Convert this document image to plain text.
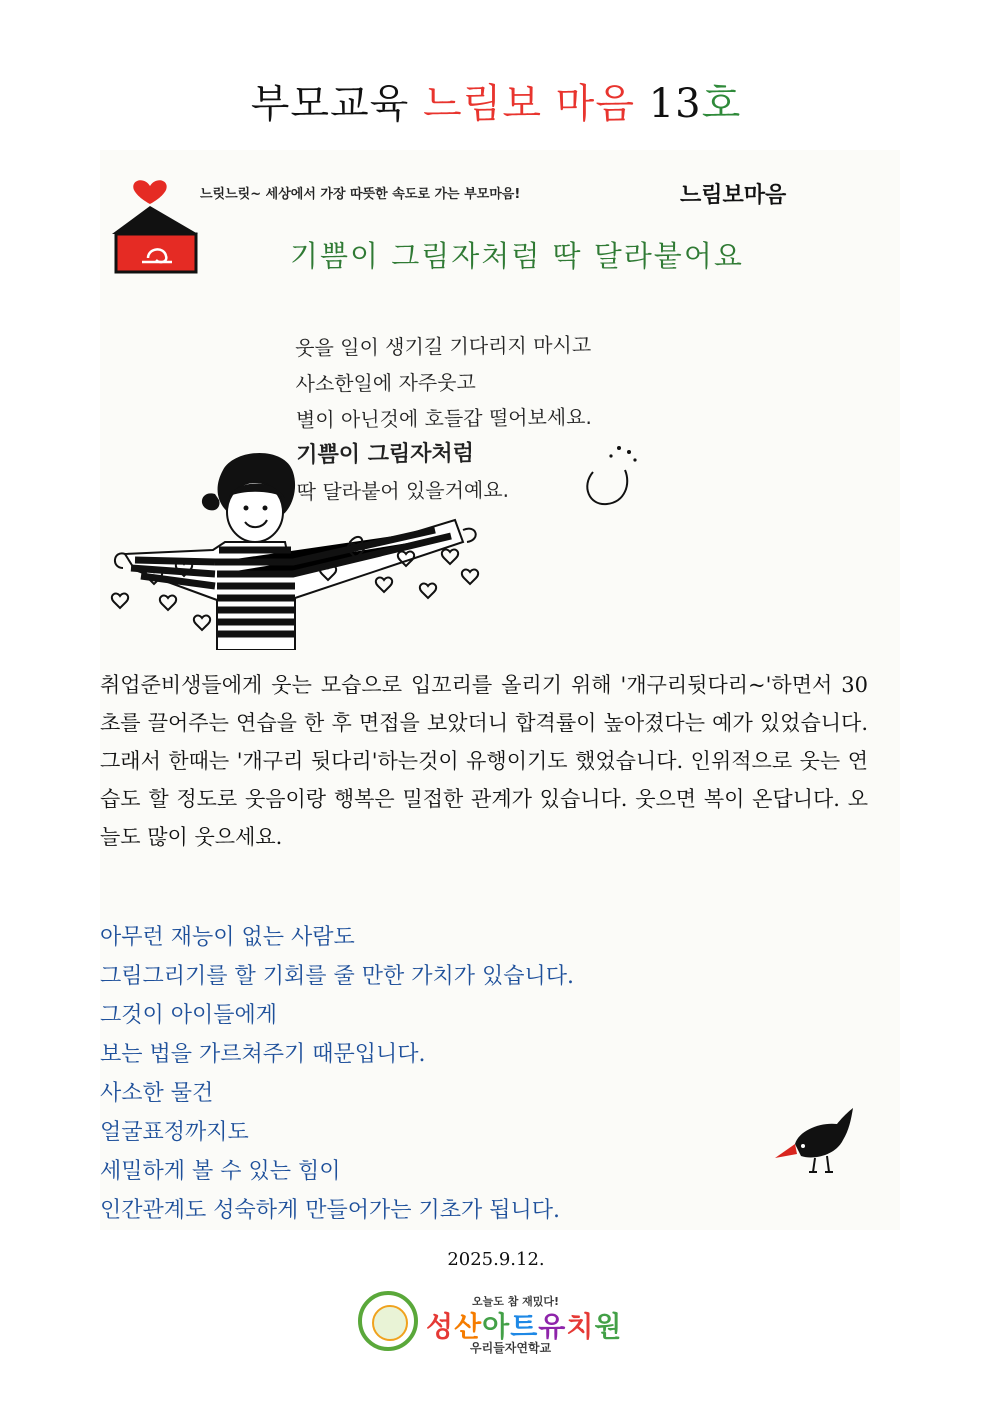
부모교육 느림보 마음 13호
느릿느릿~ 세상에서 가장 따뜻한 속도로 가는 부모마음!	느림보마음
기쁨이 그림자처럼 딱 달라붙어요
웃을 일이 생기길 기다리지 마시고
사소한일에 자주웃고
별이 아닌것에 호들갑 떨어보세요.
기쁨이 그림자처럼
딱 달라붙어 있을거예요.
취업준비생들에게 웃는 모습으로 입꼬리를 올리기 위해 '개구리뒷다리~'하면서 30초를 끌어주는 연습을 한 후 면접을 보았더니 합격률이 높아졌다는 예가 있었습니다. 그래서 한때는 '개구리 뒷다리'하는것이 유행이기도 했었습니다. 인위적으로 웃는 연습도 할 정도로 웃음이랑 행복은 밀접한 관계가 있습니다. 웃으면 복이 온답니다. 오늘도 많이 웃으세요.
아무런 재능이 없는 사람도
그림그리기를 할 기회를 줄 만한 가치가 있습니다.
그것이 아이들에게
보는 법을 가르쳐주기 때문입니다.
사소한 물건
얼굴표정까지도
세밀하게 볼 수 있는 힘이
인간관계도 성숙하게 만들어가는 기초가 됩니다.
2025.9.12.
오늘도 참 재밌다!
성산아트유치원
우리들자연학교
